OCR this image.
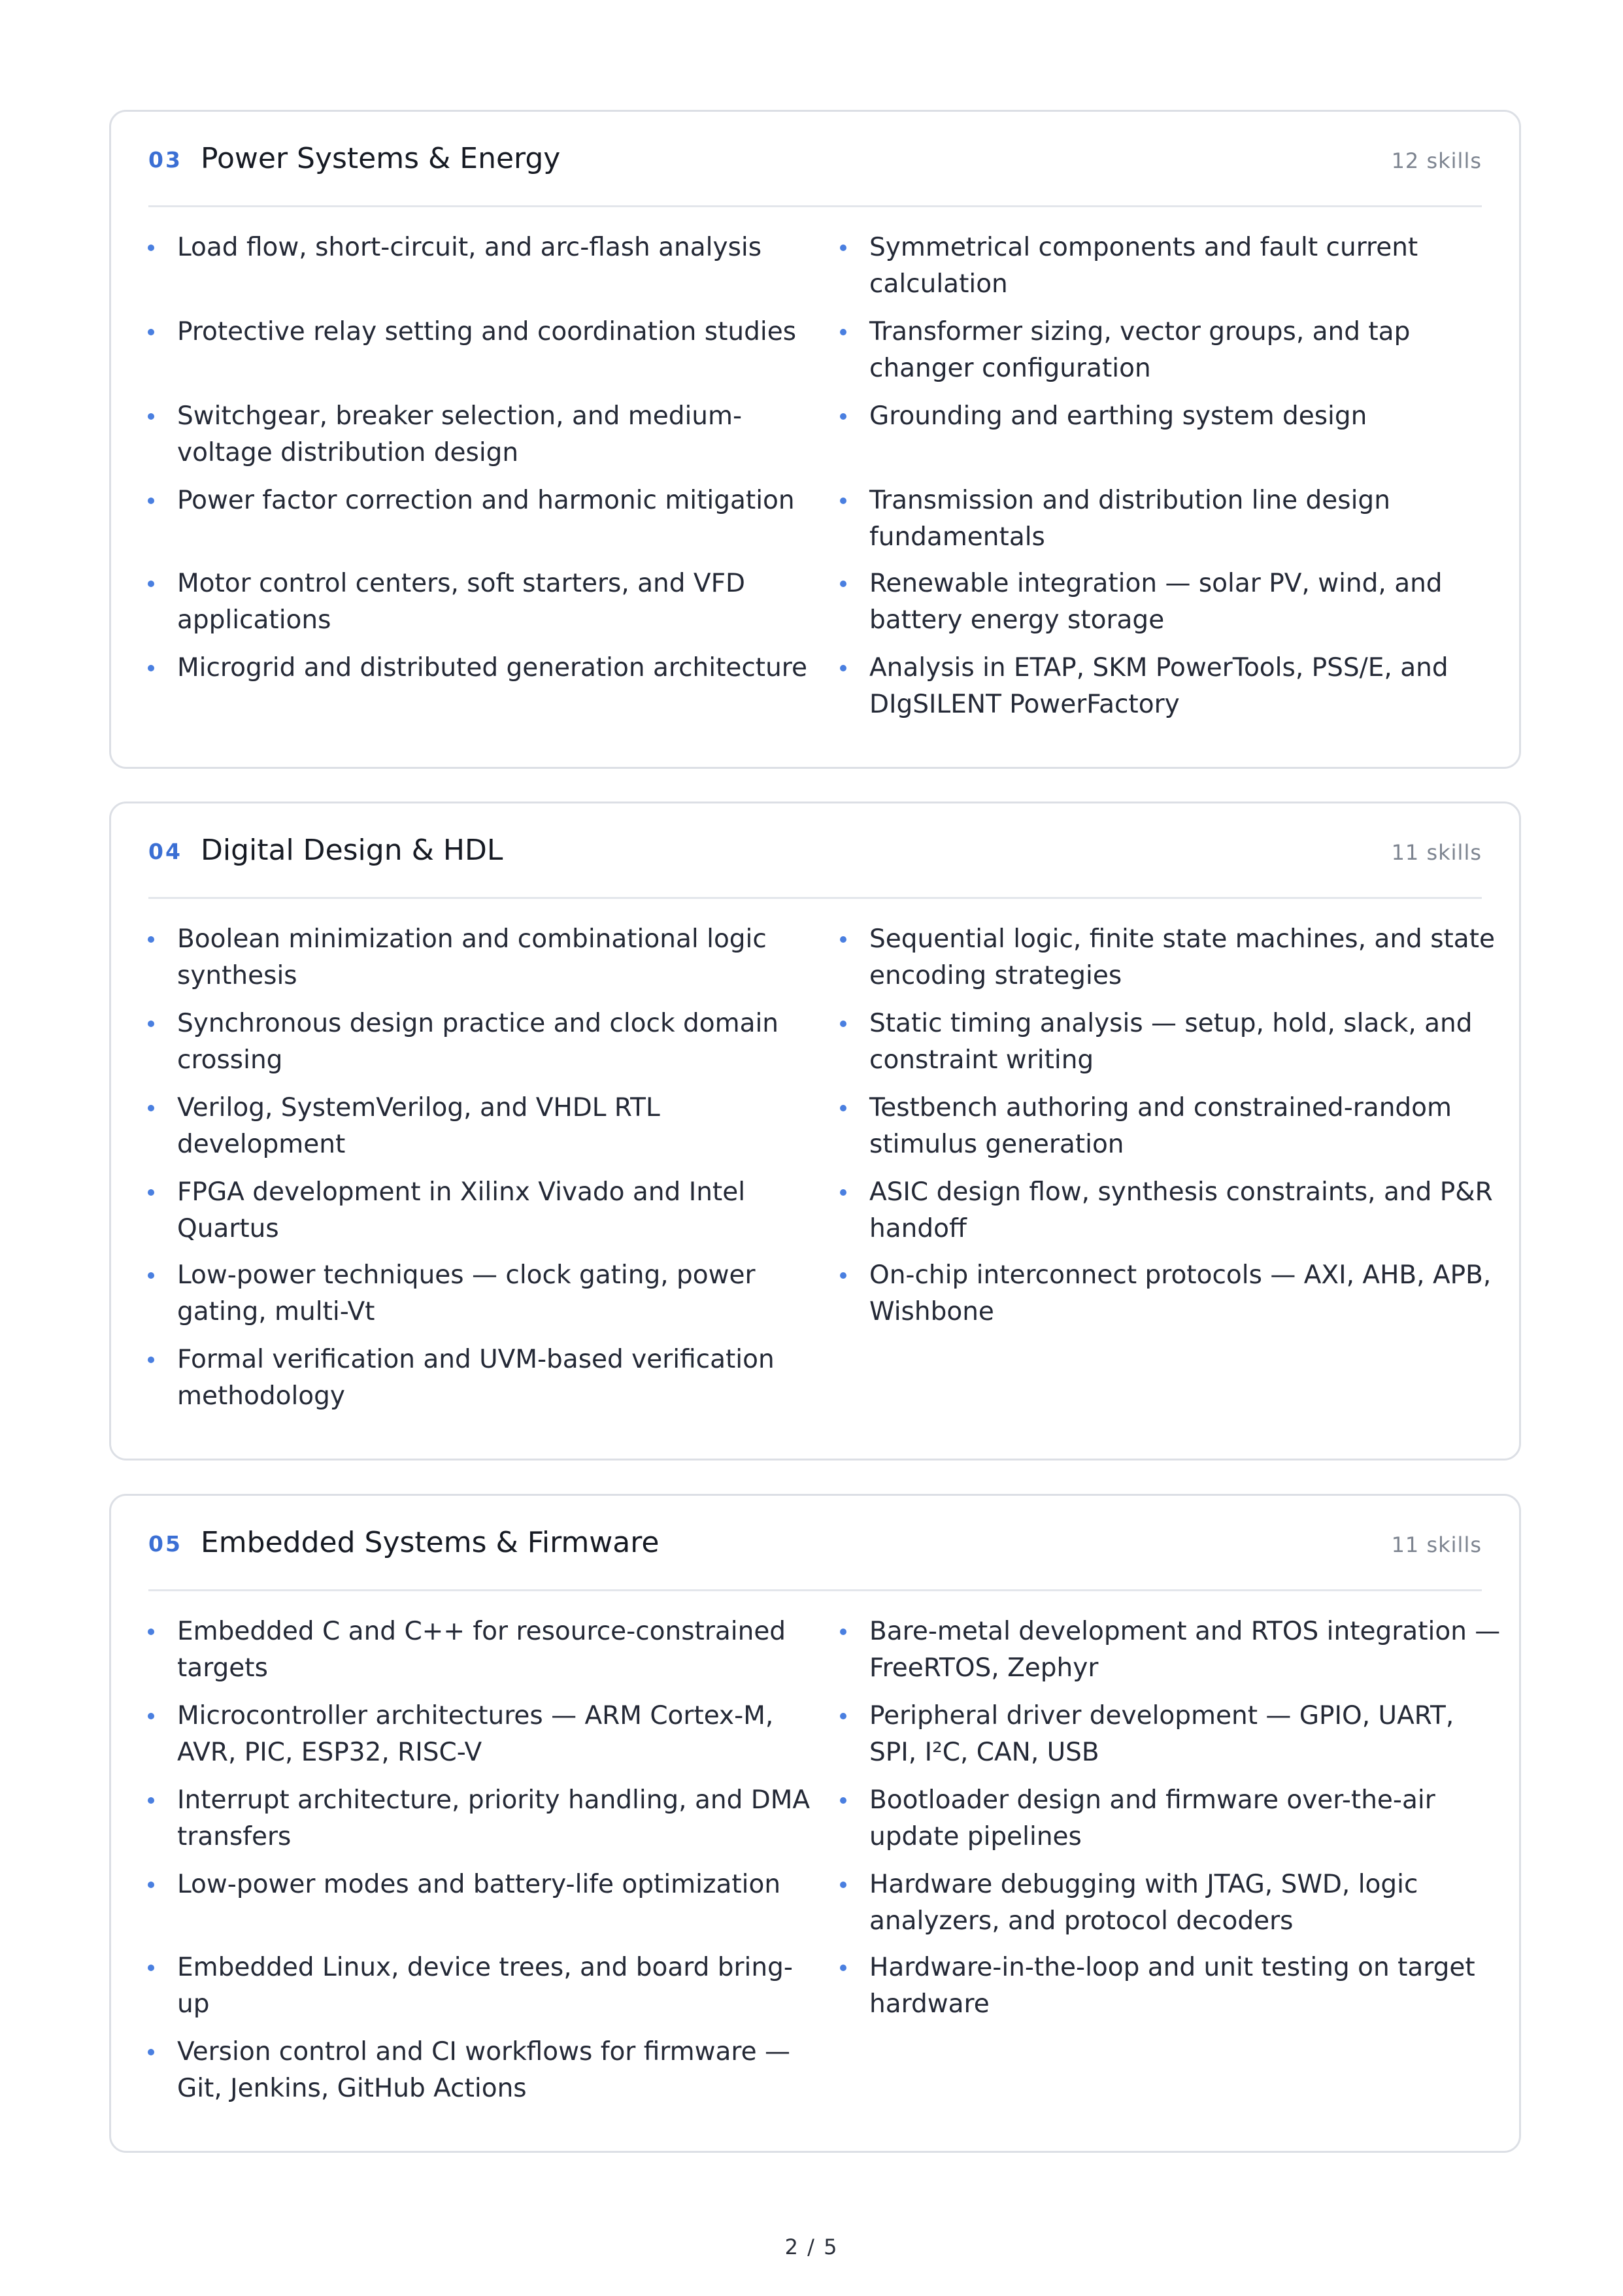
03 Power Systems & Energy	12 skills
Load flow, short-circuit, and arc-flash analysis	Symmetrical components and fault current calculation
Protective relay setting and coordination studies	Transformer sizing, vector groups, and tap changer configuration
Switchgear, breaker selection, and medium-voltage distribution design
Grounding and earthing system design
Power factor correction and harmonic mitigation	Transmission and distribution line design fundamentals
Motor control centers, soft starters, and VFD applications
Renewable integration — solar PV, wind, and battery energy storage
Microgrid and distributed generation architecture Analysis in ETAP, SKM PowerTools, PSS/E, and DIgSILENT PowerFactory
04 Digital Design & HDL	11 skills
Boolean minimization and combinational logic synthesis
Sequential logic, finite state machines, and state encoding strategies
Synchronous design practice and clock domain crossing
Static timing analysis — setup, hold, slack, and constraint writing
Verilog, SystemVerilog, and VHDL RTL development
Testbench authoring and constrained-random stimulus generation
FPGA development in Xilinx Vivado and Intel Quartus
ASIC design flow, synthesis constraints, and P&R handoff
Low-power techniques — clock gating, power gating, multi-Vt
On-chip interconnect protocols — AXI, AHB, APB, Wishbone
Formal verification and UVM-based verification methodology
05 Embedded Systems & Firmware	11 skills
Embedded C and C++ for resource-constrained targets
Bare-metal development and RTOS integration — FreeRTOS, Zephyr
Microcontroller architectures — ARM Cortex-M, AVR, PIC, ESP32, RISC-V
Peripheral driver development — GPIO, UART, SPI, I²C, CAN, USB
Interrupt architecture, priority handling, and DMA transfers
Bootloader design and firmware over-the-air update pipelines
Low-power modes and battery-life optimization	Hardware debugging with JTAG, SWD, logic analyzers, and protocol decoders
Embedded Linux, device trees, and board bring-up
Hardware-in-the-loop and unit testing on target hardware
Version control and CI workflows for firmware — Git, Jenkins, GitHub Actions
2 / 5
